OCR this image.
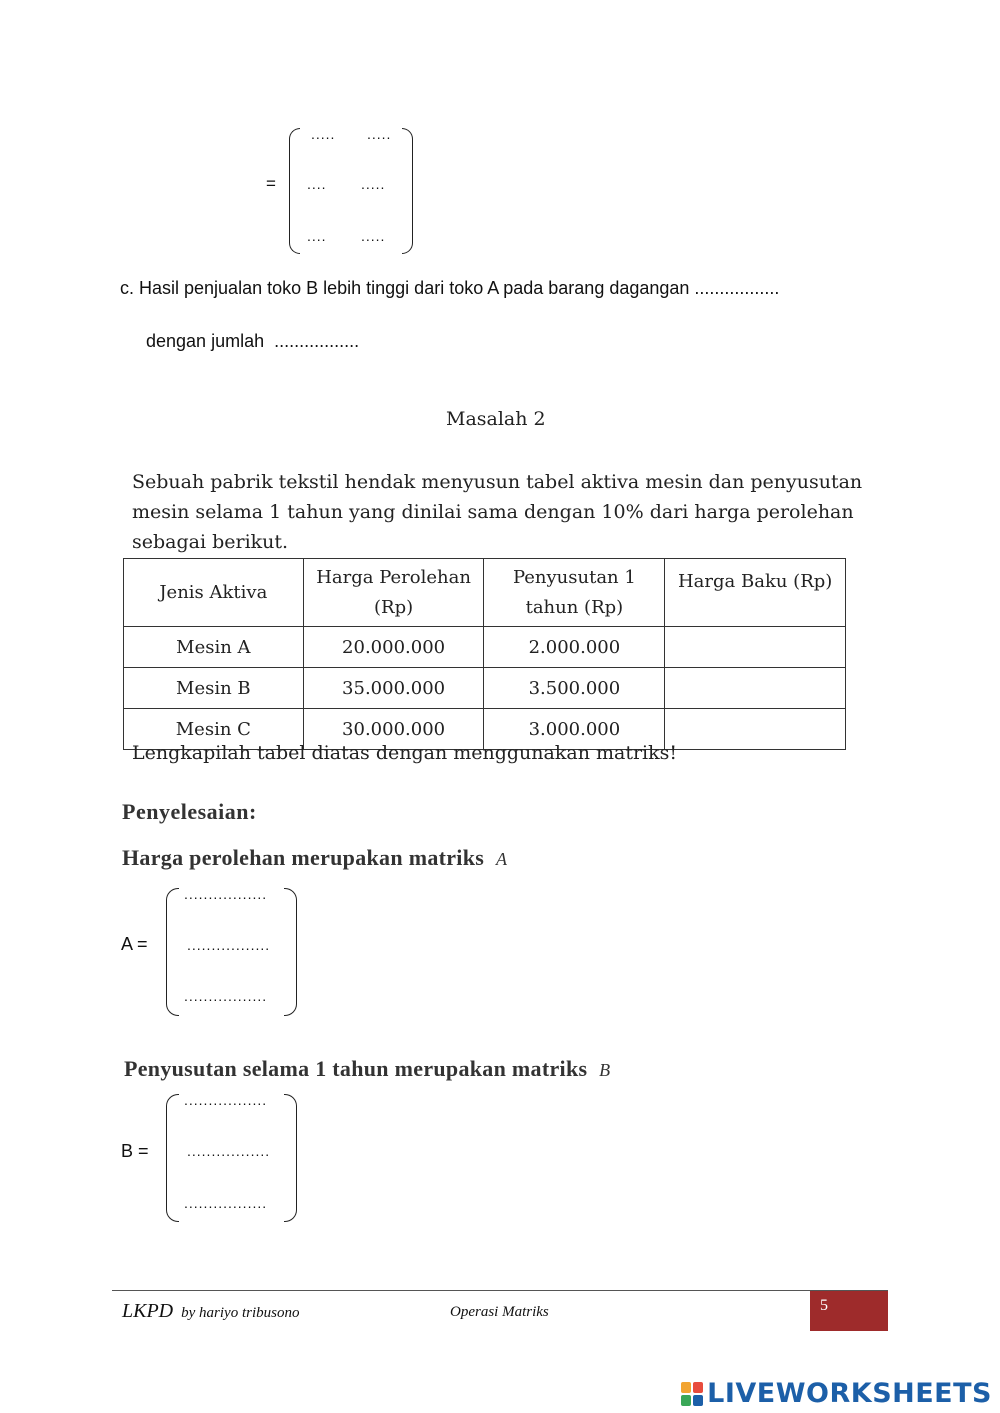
=
..... .....
.... .....
.... .....
c. Hasil penjualan toko B lebih tinggi dari toko A pada barang dagangan .................
dengan jumlah  .................
Masalah 2
Sebuah pabrik tekstil hendak menyusun tabel aktiva mesin dan penyusutan
mesin selama 1 tahun yang dinilai sama dengan 10% dari harga perolehan
sebagai berikut.
Jenis Aktiva	Harga Perolehan (Rp)	Penyusutan 1 tahun (Rp)	Harga Baku (Rp)
Mesin A	20.000.000	2.000.000	
Mesin B	35.000.000	3.500.000	
Mesin C	30.000.000	3.000.000	
Lengkapilah tabel diatas dengan menggunakan matriks!
Penyelesaian:
Harga perolehan merupakan matriks A
A =
.................
.................
.................
Penyusutan selama 1 tahun merupakan matriks B
B =
.................
.................
.................
LKPD by hariyo tribusono	Operasi Matriks	5
LIVEWORKSHEETS
